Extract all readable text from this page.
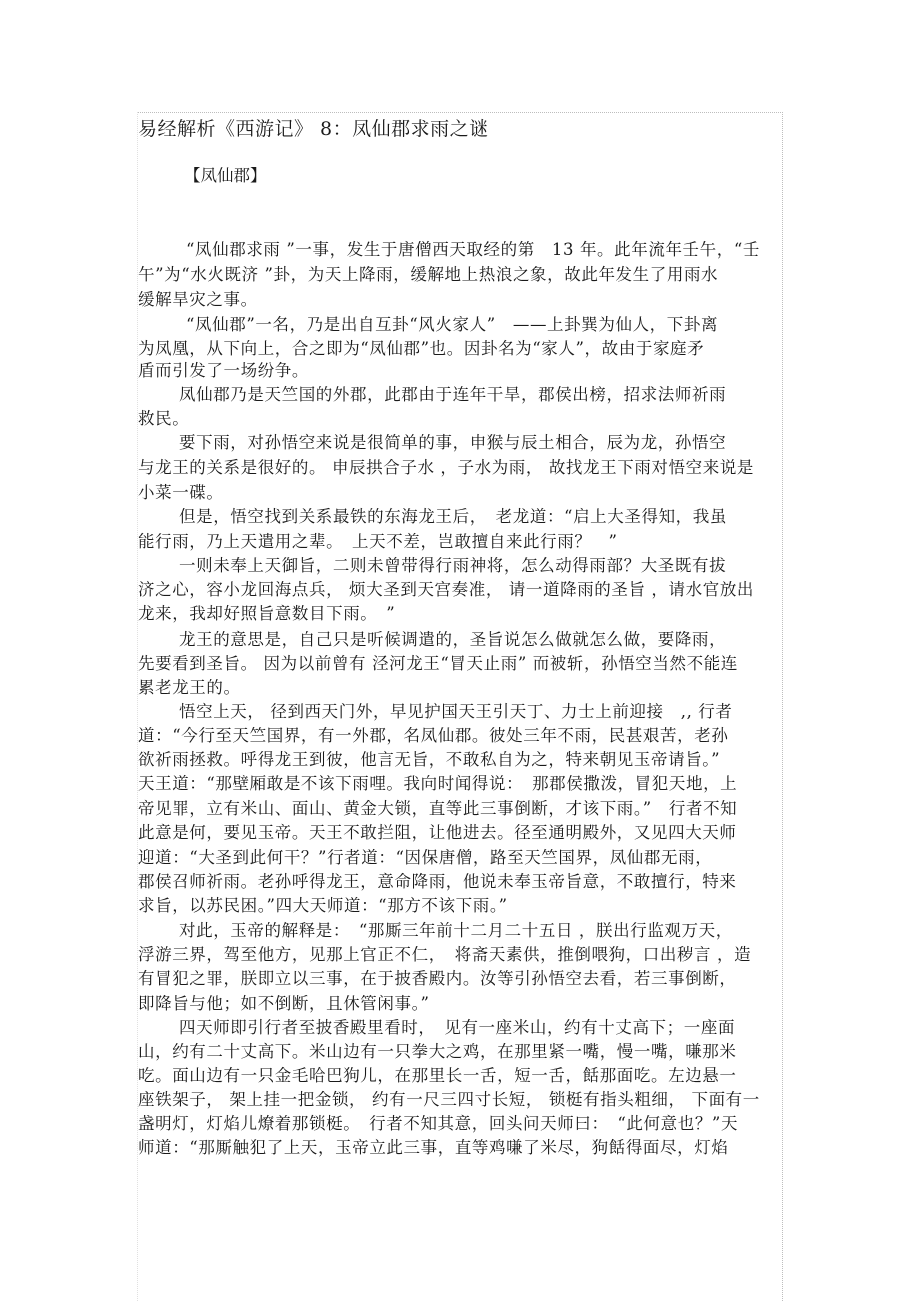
易经解析《西游记》 8：凤仙郡求雨之谜
【凤仙郡】
“凤仙郡求雨 ”一事，发生于唐僧西天取经的第　13 年。此年流年壬午，“壬
午”为“水火既济 ”卦，为天上降雨，缓解地上热浪之象，故此年发生了用雨水
缓解旱灾之事。
“凤仙郡”一名，乃是出自互卦“风火家人”　——上卦巽为仙人，下卦离
为凤凰，从下向上，合之即为“凤仙郡”也。因卦名为“家人”，故由于家庭矛
盾而引发了一场纷争。
凤仙郡乃是天竺国的外郡，此郡由于连年干旱，郡侯出榜，招求法师祈雨
救民。
要下雨，对孙悟空来说是很简单的事，申猴与辰土相合，辰为龙，孙悟空
与龙王的关系是很好的。 申辰拱合子水 ，子水为雨， 故找龙王下雨对悟空来说是
小菜一碟。
但是，悟空找到关系最铁的东海龙王后，　老龙道：“启上大圣得知，我虽
能行雨，乃上天遣用之辈。　上天不差，岂敢擅自来此行雨？　”
一则未奉上天御旨，二则未曾带得行雨神将，怎么动得雨部？大圣既有拔
济之心，容小龙回海点兵， 烦大圣到天宫奏准， 请一道降雨的圣旨 ，请水官放出
龙来，我却好照旨意数目下雨。　”
龙王的意思是，自己只是听候调遣的，圣旨说怎么做就怎么做，要降雨，
先要看到圣旨。 因为以前曾有 泾河龙王“冒天止雨” 而被斩，孙悟空当然不能连
累老龙王的。
悟空上天， 径到西天门外，早见护国天王引天丁、力士上前迎接　,, 行者
道：“今行至天竺国界，有一外郡，名凤仙郡。彼处三年不雨，民甚艰苦，老孙
欲祈雨拯救。呼得龙王到彼，他言无旨，不敢私自为之，特来朝见玉帝请旨。”
天王道：“那壁厢敢是不该下雨哩。我向时闻得说：　那郡侯撒泼，冒犯天地，上
帝见罪，立有米山、面山、黄金大锁，直等此三事倒断，才该下雨。”　行者不知
此意是何，要见玉帝。天王不敢拦阻，让他进去。径至通明殿外，又见四大天师
迎道：“大圣到此何干？”行者道：“因保唐僧，路至天竺国界，凤仙郡无雨，
郡侯召师祈雨。老孙呼得龙王，意命降雨，他说未奉玉帝旨意，不敢擅行，特来
求旨，以苏民困。”四大天师道：“那方不该下雨。”
对此，玉帝的解释是：　“那厮三年前十二月二十五日 ，朕出行监观万天，
浮游三界，驾至他方，见那上官正不仁，　将斋天素供，推倒喂狗，口出秽言 ，造
有冒犯之罪，朕即立以三事，在于披香殿内。汝等引孙悟空去看，若三事倒断，
即降旨与他；如不倒断，且休管闲事。”
四天师即引行者至披香殿里看时，　见有一座米山，约有十丈高下；一座面
山，约有二十丈高下。米山边有一只拳大之鸡，在那里紧一嘴，慢一嘴，嗛那米
吃。面山边有一只金毛哈巴狗儿，在那里长一舌，短一舌，餂那面吃。左边悬一
座铁架子， 架上挂一把金锁， 约有一尺三四寸长短， 锁梃有指头粗细， 下面有一
盏明灯，灯焰儿燎着那锁梃。　行者不知其意，回头问天师曰：　“此何意也？”天
师道：“那厮触犯了上天，玉帝立此三事，直等鸡嗛了米尽，狗餂得面尽，灯焰
